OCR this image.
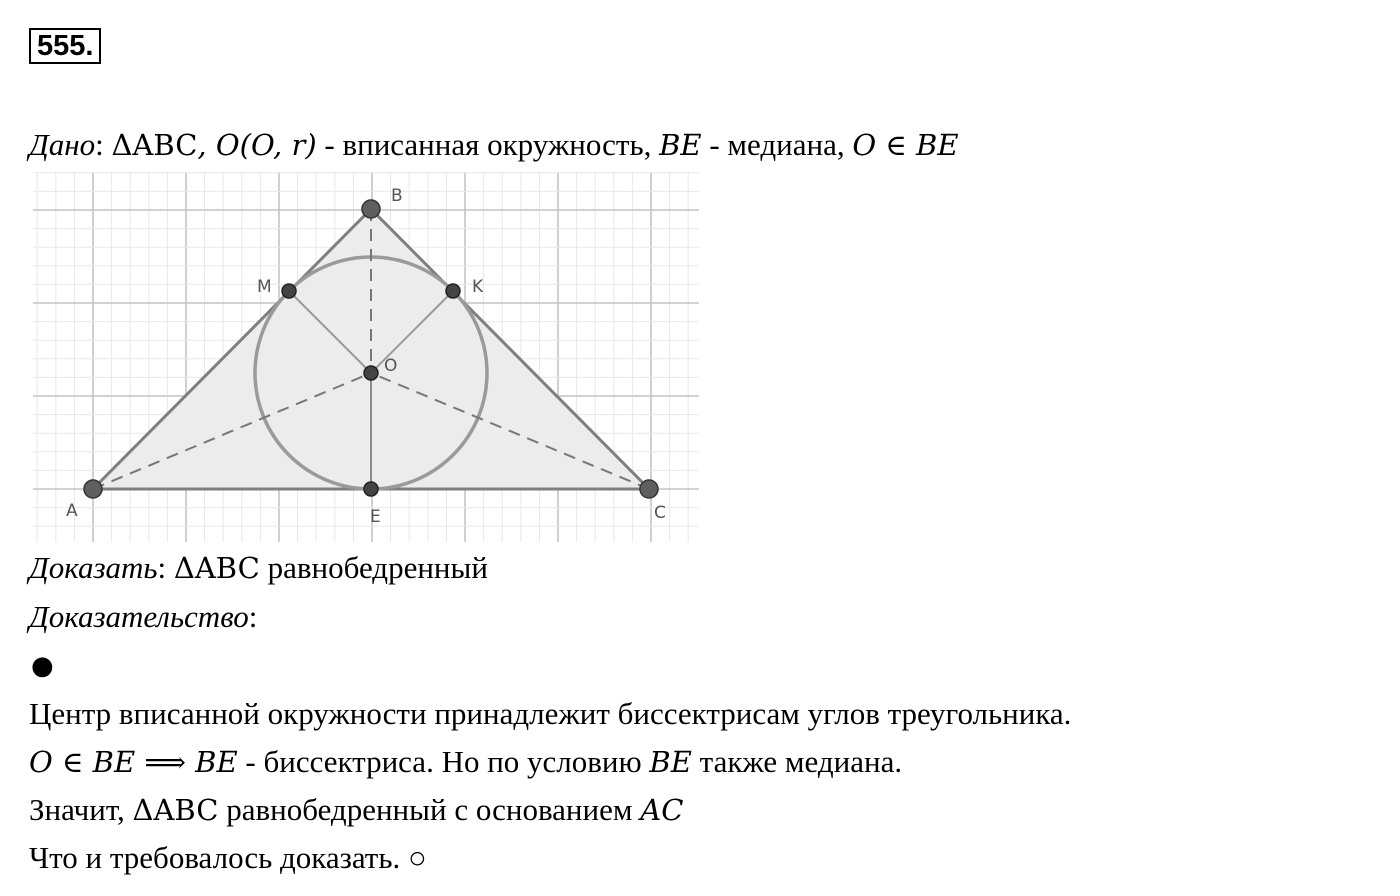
555.
Дано: ΔABC, O(O, r) - вписанная окружность, BE - медиана, O ∈ BE
A
B
C
M	K
O
E
Доказать: ΔABC равнобедренный
Доказательство:
●
Центр вписанной окружности принадлежит биссектрисам углов треугольника.
O ∈ BE ⟹ BE - биссектриса. Но по условию BE также медиана.
Значит, ΔABC равнобедренный с основанием AC
Что и требовалось доказать. ○
